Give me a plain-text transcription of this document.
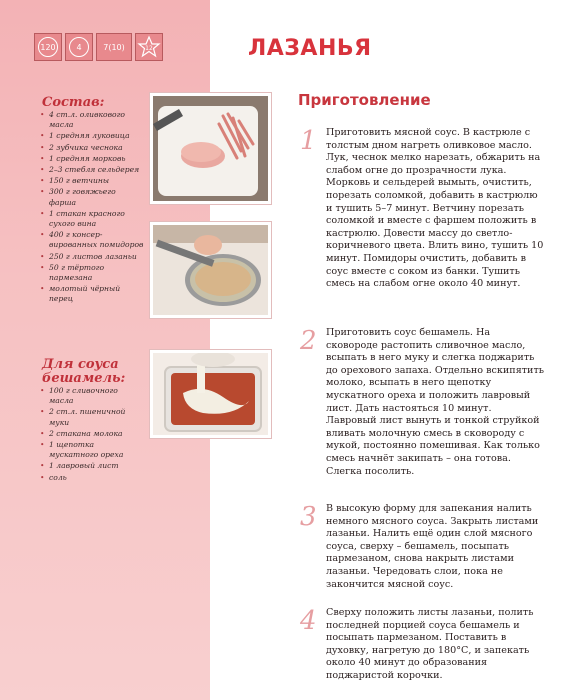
120	4	7(10)	12	ЛАЗАНЬЯ
Состав:
• 4 ст.л. оливкового масла
• 1 средняя луковица
• 2 зубчика чеснока
• 1 средняя морковь
• 2–3 стебля сельдерея
• 150 г ветчины
• 300 г говяжьего фарша
• 1 стакан красного сухого вина
• 400 г консер-вированных помидоров
• 250 г листов лазаньи
• 50 г тёртого пармезана
• молотый чёрный перец
Для соуса бешамель:
• 100 г сливочного масла
• 2 ст.л. пшеничной муки
• 2 стакана молока
• 1 щепотка мускатного ореха
• 1 лавровый лист
• соль
Приготовление
1 Приготовить мясной соус. В кастрюле с толстым дном нагреть оливковое масло. Лук, чеснок мелко нарезать, обжарить на слабом огне до прозрачности лука. Морковь и сельдерей вымыть, очистить, порезать соломкой, добавить в кастрюлю и тушить 5–7 минут. Ветчину порезать соломкой и вместе с фаршем положить в кастрюлю. Довести массу до светло-коричневого цвета. Влить вино, тушить 10 минут. Помидоры очистить, добавить в соус вместе с соком из банки. Тушить смесь на слабом огне около 40 минут.
2 Приготовить соус бешамель. На сковороде растопить сливочное масло, всыпать в него муку и слегка поджарить до орехового запаха. Отдельно вскипятить молоко, всыпать в него щепотку мускатного ореха и положить лавровый лист. Дать настояться 10 минут. Лавровый лист вынуть и тонкой струйкой вливать молочную смесь в сковороду с мукой, постоянно помешивая. Как только смесь начнёт закипать – она готова. Слегка посолить.
3 В высокую форму для запекания налить немного мясного соуса. Закрыть листами лазаньи. Налить ещё один слой мясного соуса, сверху – бешамель, посыпать пармезаном, снова накрыть листами лазаньи. Чередовать слои, пока не закончится мясной соус.
4 Сверху положить листы лазаньи, полить последней порцией соуса бешамель и посыпать пармезаном. Поставить в духовку, нагретую до 180°С, и запекать около 40 минут до образования поджаристой корочки.
